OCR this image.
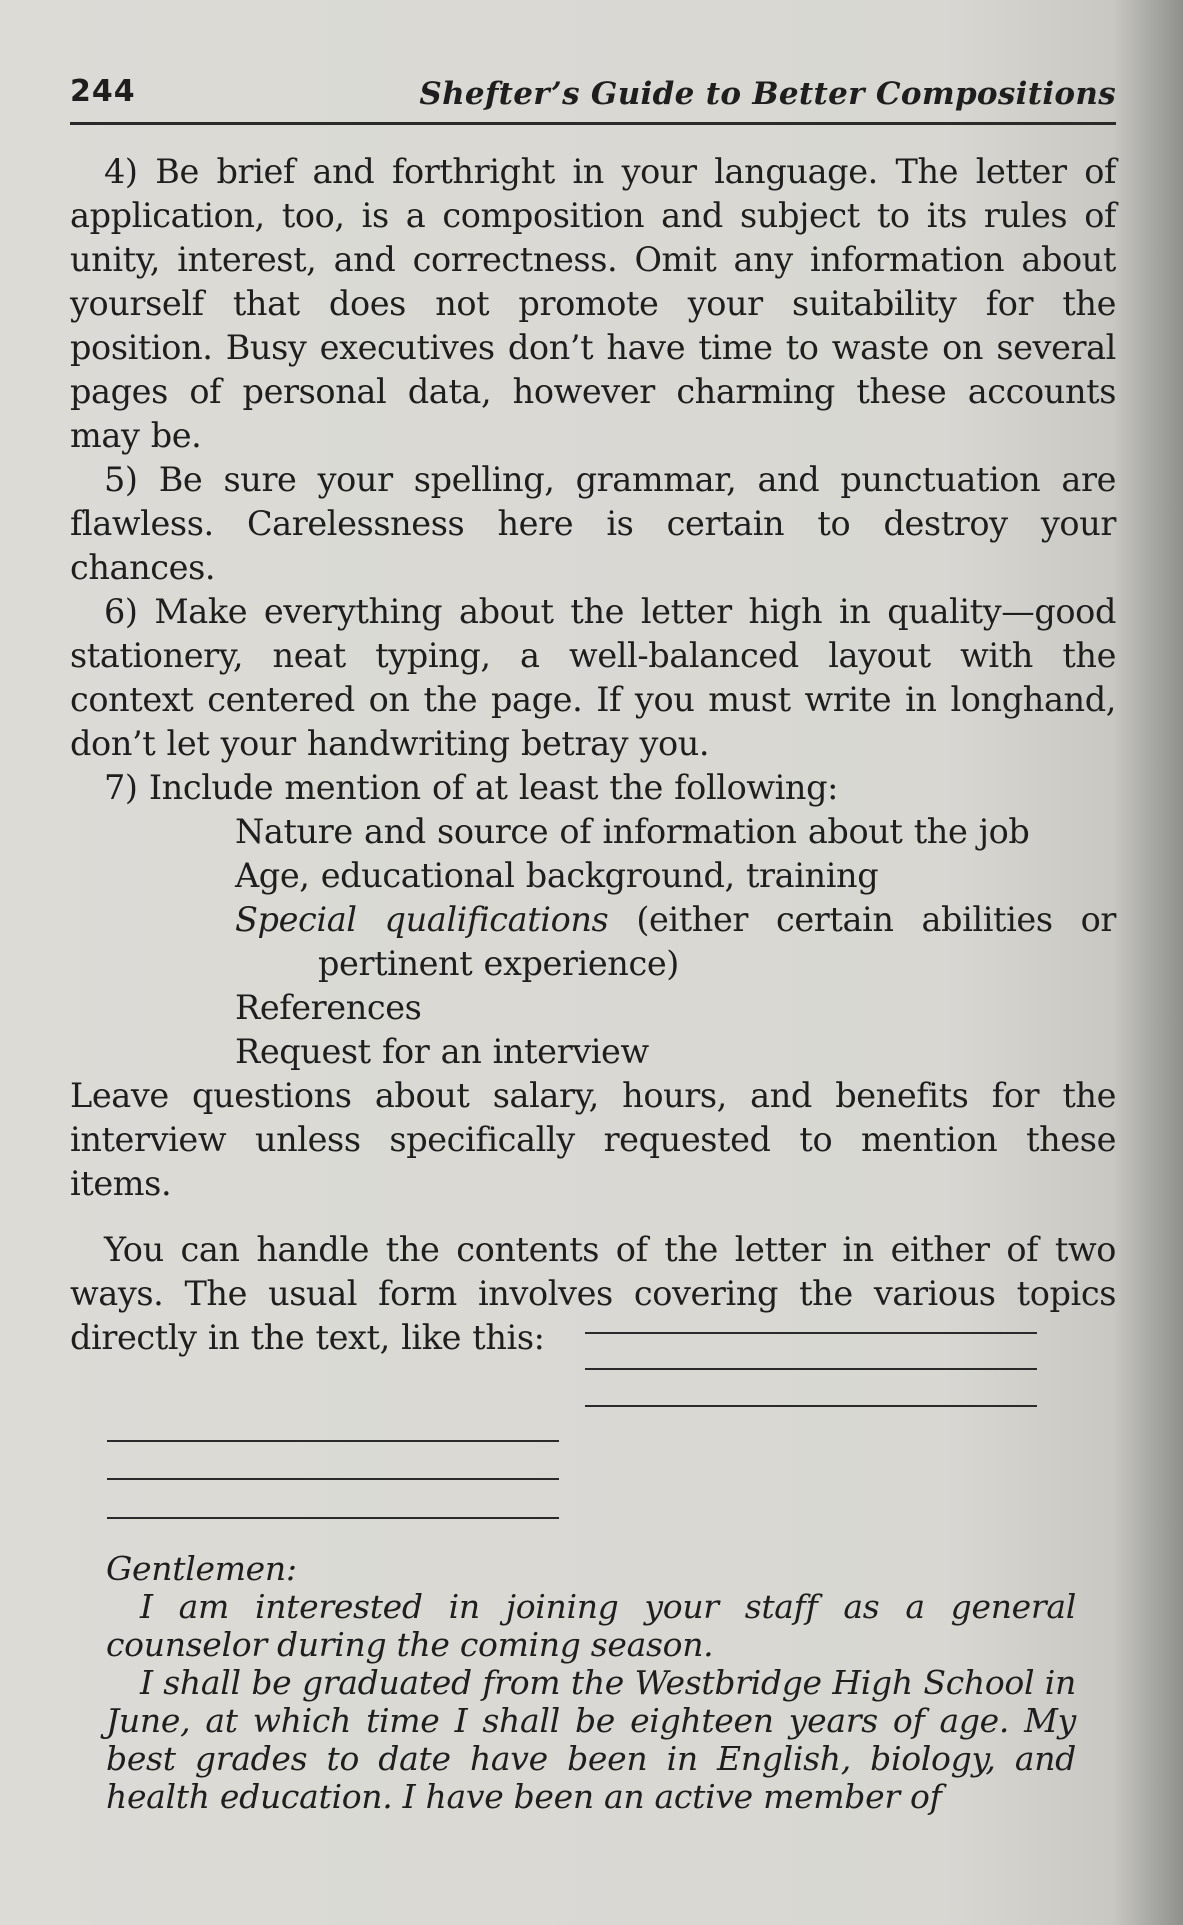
244	Shefter’s Guide to Better Compositions

4) Be brief and forthright in your language. The letter of application, too, is a composition and subject to its rules of unity, interest, and correctness. Omit any information about yourself that does not promote your suitability for the position. Busy executives don’t have time to waste on several pages of personal data, however charming these accounts may be.

5) Be sure your spelling, grammar, and punctuation are flawless. Carelessness here is certain to destroy your chances.

6) Make everything about the letter high in quality—good stationery, neat typing, a well-balanced layout with the context centered on the page. If you must write in longhand, don’t let your handwriting betray you.

7) Include mention of at least the following:

Nature and source of information about the job

Age, educational background, training

Special qualifications (either certain abilities or

pertinent experience)

References

Request for an interview

Leave questions about salary, hours, and benefits for the interview unless specifically requested to mention these items.

You can handle the contents of the letter in either of two ways. The usual form involves covering the various topics directly in the text, like this:

Gentlemen:

I am interested in joining your staff as a general counselor during the coming season.

I shall be graduated from the Westbridge High School in June, at which time I shall be eighteen years of age. My best grades to date have been in English, biology, and health education. I have been an active member of
